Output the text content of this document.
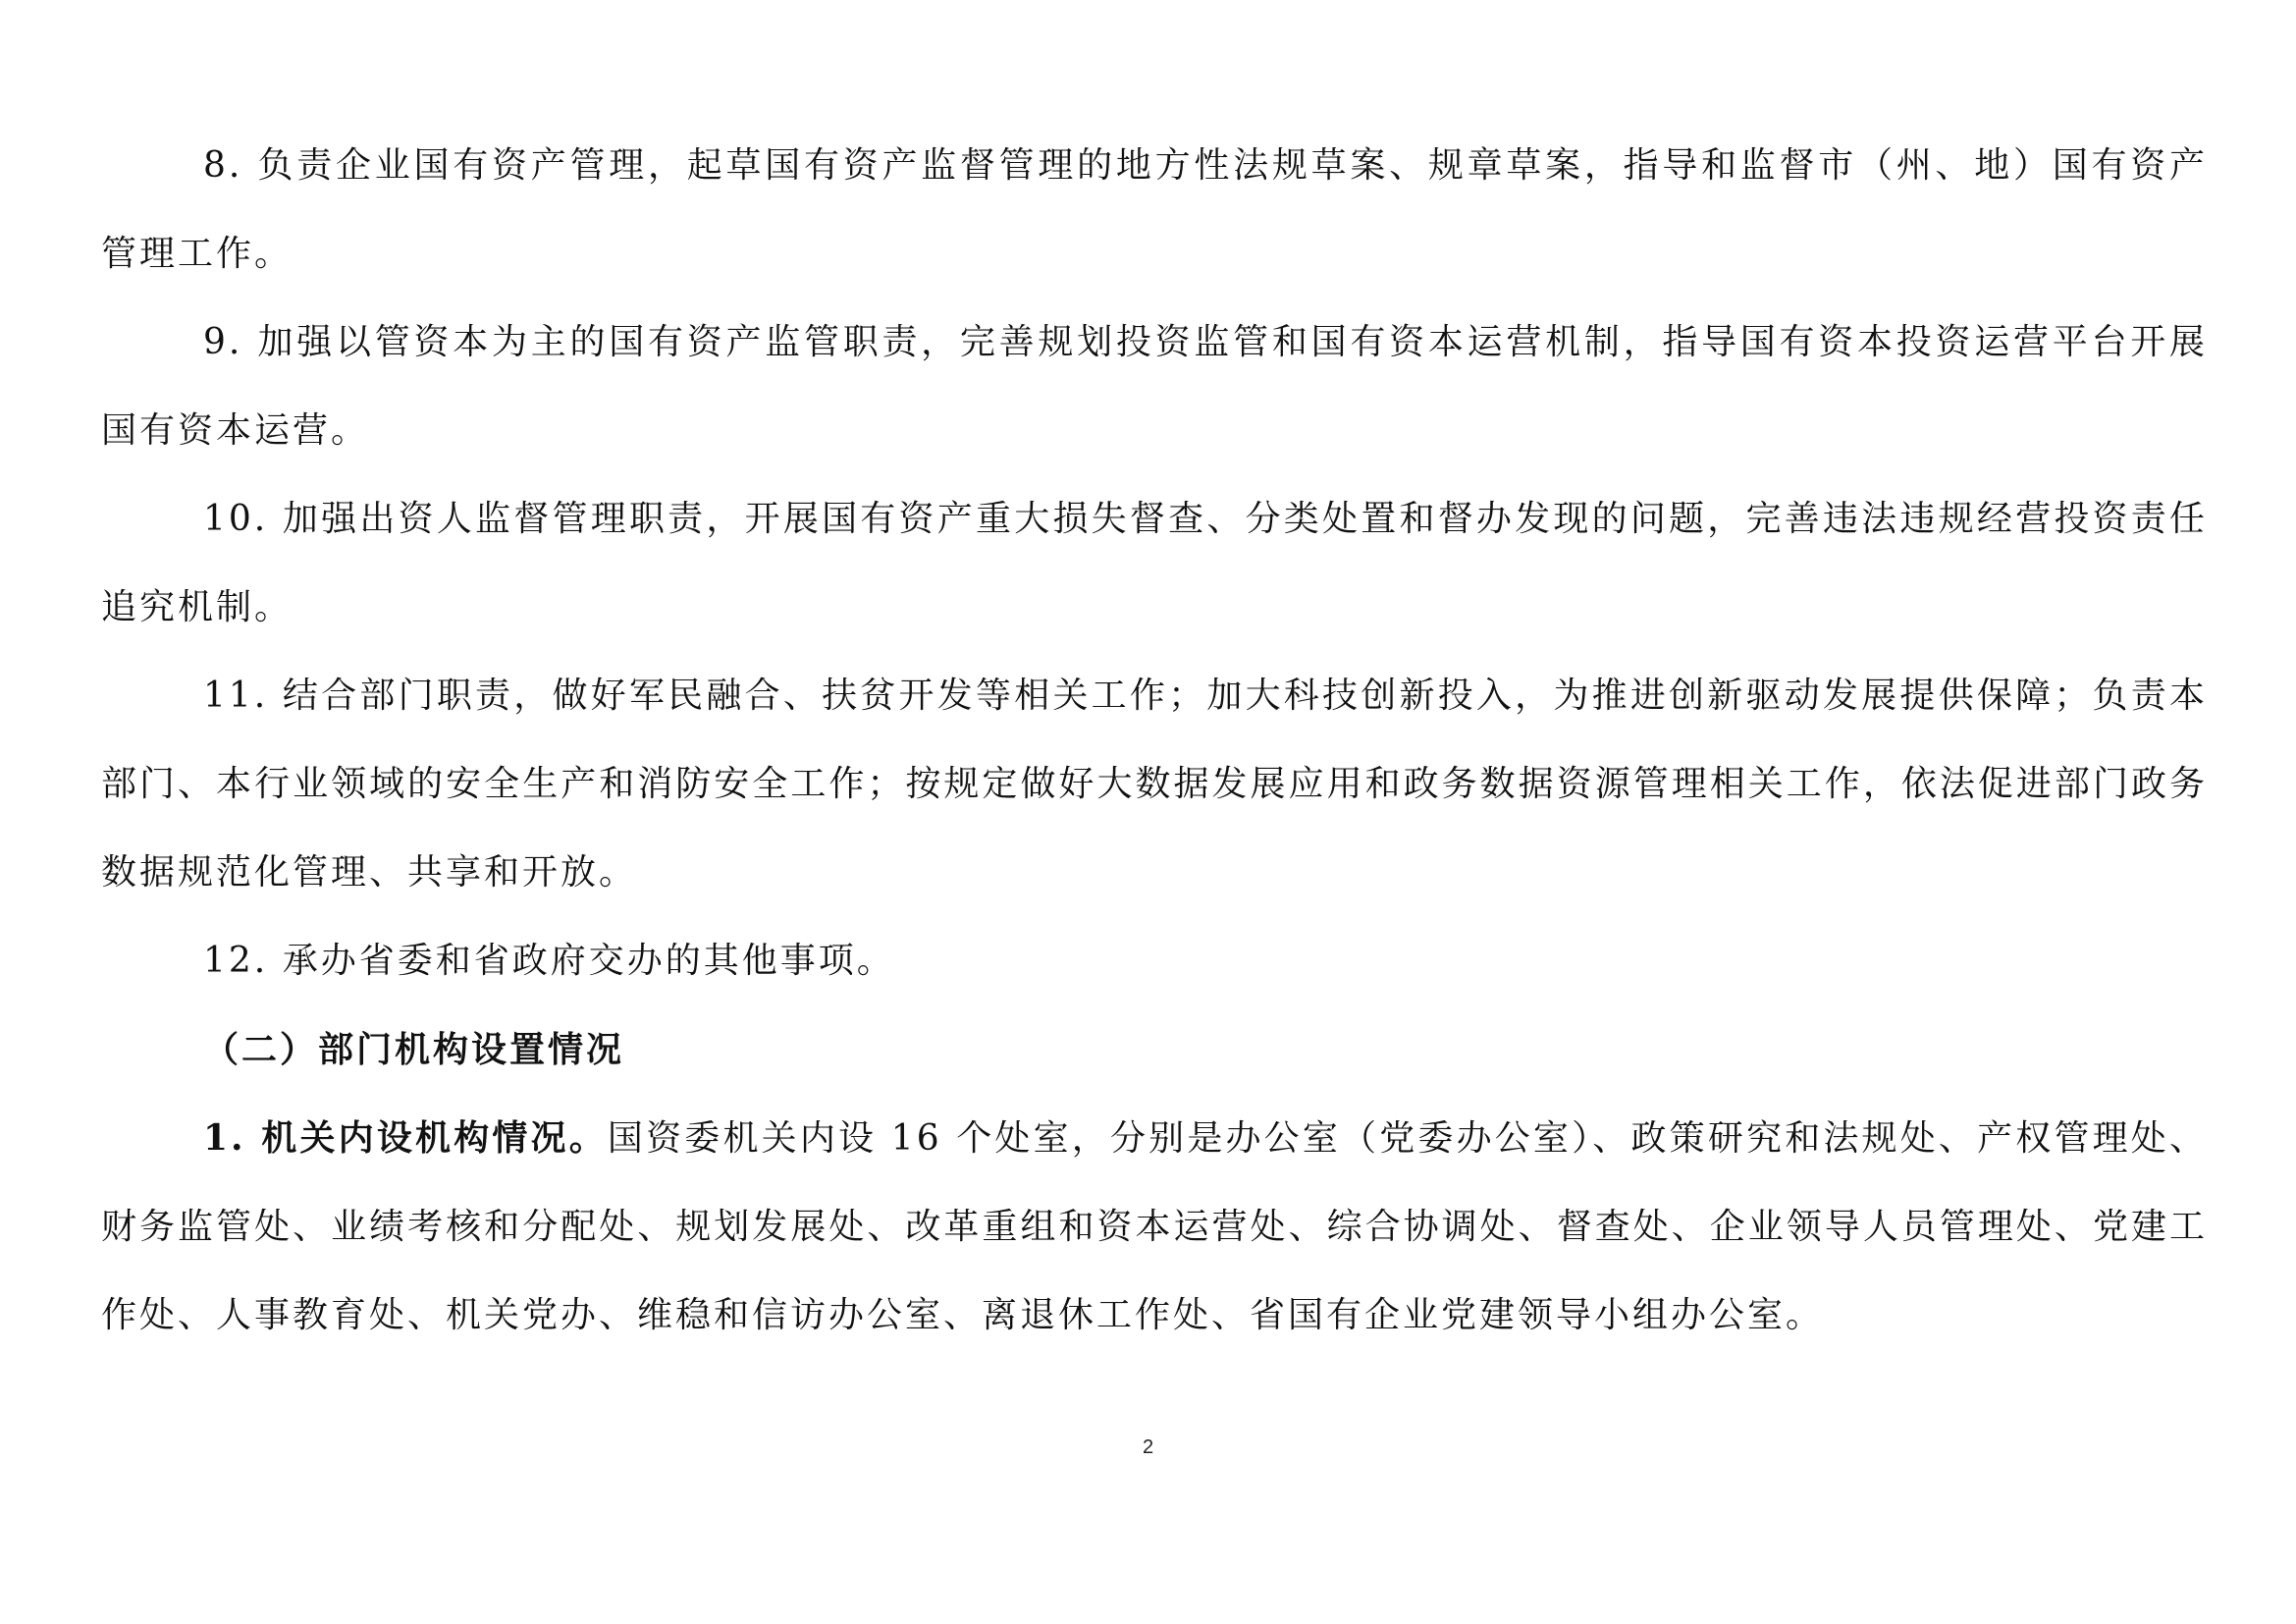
8. 负责企业国有资产管理，起草国有资产监督管理的地方性法规草案、规章草案，指导和监督市（州、地）国有资产管理工作。

9. 加强以管资本为主的国有资产监管职责，完善规划投资监管和国有资本运营机制，指导国有资本投资运营平台开展国有资本运营。

10. 加强出资人监督管理职责，开展国有资产重大损失督查、分类处置和督办发现的问题，完善违法违规经营投资责任追究机制。

11. 结合部门职责，做好军民融合、扶贫开发等相关工作；加大科技创新投入，为推进创新驱动发展提供保障；负责本部门、本行业领域的安全生产和消防安全工作；按规定做好大数据发展应用和政务数据资源管理相关工作，依法促进部门政务数据规范化管理、共享和开放。

12. 承办省委和省政府交办的其他事项。

（二）部门机构设置情况

1. 机关内设机构情况。国资委机关内设 16 个处室，分别是办公室（党委办公室）、政策研究和法规处、产权管理处、财务监管处、业绩考核和分配处、规划发展处、改革重组和资本运营处、综合协调处、督查处、企业领导人员管理处、党建工作处、人事教育处、机关党办、维稳和信访办公室、离退休工作处、省国有企业党建领导小组办公室。

2
